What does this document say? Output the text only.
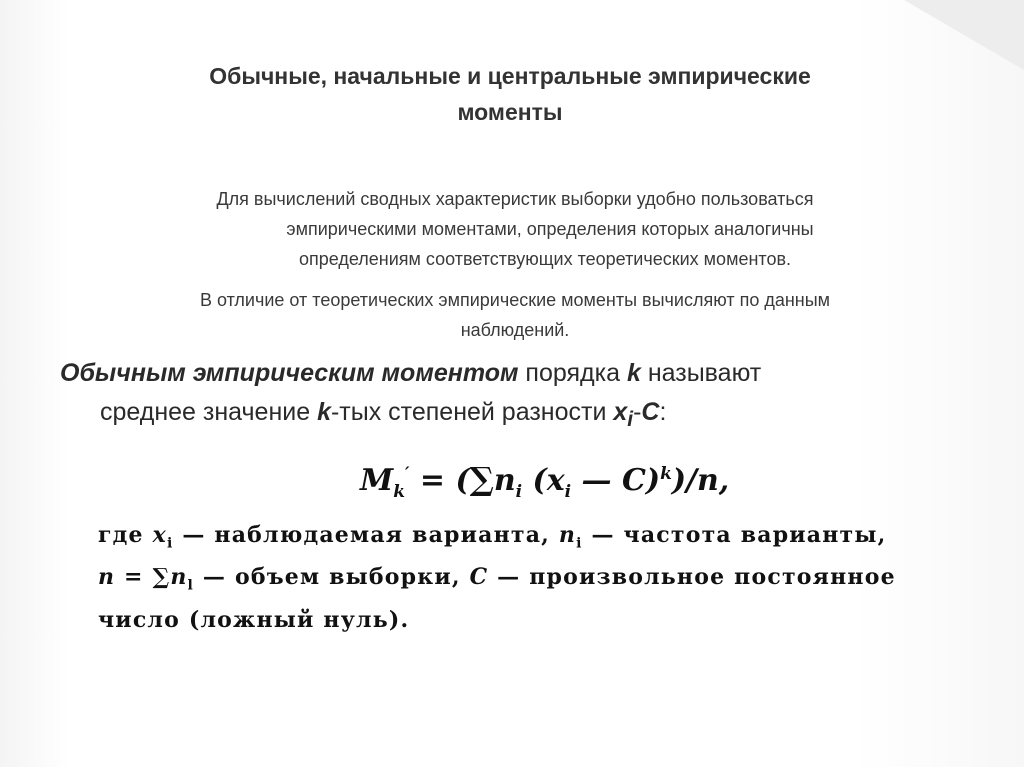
Обычные, начальные и центральные эмпирические
моменты
Для вычислений сводных характеристик выборки удобно пользоваться
эмпирическими моментами, определения которых аналогичны
определениям соответствующих теоретических моментов.
В отличие от теоретических эмпирические моменты вычисляют по данным
наблюдений.
Обычным эмпирическим моментом порядка k называют
среднее значение k-тых степеней разности $x_i-C$:
$M_k' = (\sum n_i$ ($x_i$ — C)$^k$)/n,
где $x_i$ — наблюдаемая варианта, $n_i$ — частота варианты,
$n = \sum n_l$ — объем выборки, C — произвольное постоянное
число (ложный нуль).
